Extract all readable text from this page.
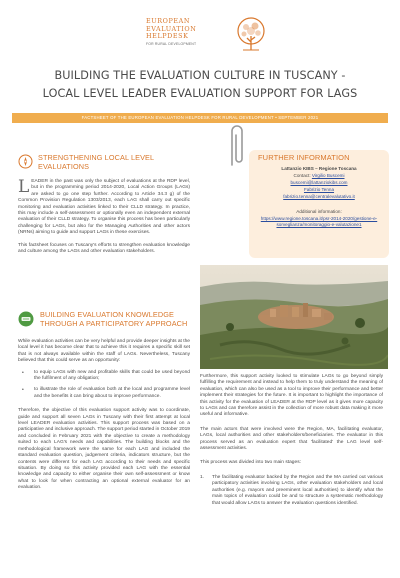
EUROPEAN
EVALUATION
HELPDESK
FOR RURAL DEVELOPMENT
BUILDING THE EVALUATION CULTURE IN TUSCANY -
LOCAL LEVEL LEADER EVALUATION SUPPORT FOR LAGS
FACTSHEET OF THE EUROPEAN EVALUATION HELPDESK FOR RURAL DEVELOPMENT • SEPTEMBER 2021
STRENGTHENING LOCAL LEVEL
EVALUATIONS
LEADER in the past was only the subject of evaluations at the RDP level, but in the programming period 2014-2020, Local Action Groups (LAGs) are asked to go one step further. According to Article 34.3 g) of the Common Provision Regulation 1303/2013, each LAG shall carry out specific monitoring and evaluation activities linked to their CLLD strategy. In practice, this may include a self-assessment or optionally even an independent external evaluation of their CLLD strategy. To organise this process has been particularly challenging for LAGs, but also for the Managing Authorities and other actors (NRNs) aiming to guide and support LAGs in these exercises.
This factsheet focuses on Tuscany's efforts to strengthen evaluation knowledge and culture among the LAGs and other evaluation stakeholders.
BUILDING EVALUATION KNOWLEDGE
THROUGH A PARTICIPATORY APPROACH
While evaluation activities can be very helpful and provide deeper insights at the local level it has become clear that to achieve this it requires a specific skill set that is not always available within the staff of LAGs. Nevertheless, Tuscany believed that this could serve as an opportunity:
• to equip LAGs with new and profitable skills that could be used beyond the fulfilment of any obligation;
• to illustrate the role of evaluation both at the local and programme level and the benefits it can bring about to improve performance.
Therefore, the objective of this evaluation support activity was to coordinate, guide and support all seven LAGs in Tuscany with their first attempt at local level LEADER evaluation activities. This support process was based on a participative and inclusive approach. The support period started in October 2019 and concluded in February 2021 with the objective to create a methodology suited to each LAG's needs and capabilities. The building blocks and the methodological framework were the same for each LAG and included the standard evaluation question, judgement criteria, indicators structure, but the contents were different for each LAG according to their needs and specific situation. By doing so this activity provided each LAG with the essential knowledge and capacity to either organise their own self-assessment or know what to look for when contracting an optional external evaluator for an evaluation.
FURTHER INFORMATION
Lattanzio KIBS – Regione Toscana
Contact: Virgilio Buscemi
buscemi@lattanziokibs.com
Fabrizio Tenna
fabrizio.tenna@centralevalutativo.it
Additional information:
https://www.regione.toscana.it/psr-2014-2020/gestione-e-
sorveglianza/monitoraggio-e-valutazione1
Furthermore, this support activity looked to stimulate LAGs to go beyond simply fulfilling the requirement and instead to help them to truly understand the meaning of evaluation, which can also be used as a tool to improve their performance and better implement their strategies for the future. It is important to highlight the importance of this activity for the evaluation of LEADER at the RDP level as it gives more capacity to LAGs and can therefore assist in the collection of more robust data making it more useful and informative.
The main actors that were involved were the Region, MA, facilitating evaluator, LAGs, local authorities and other stakeholders/beneficiaries. The evaluator in this process served as an evaluation expert that 'facilitated' the LAG level self-assessment activities.
This process was divided into two main stages:
1. The facilitating evaluator backed by the Region and the MA carried out various participatory activities involving LAGs, other evaluation stakeholders and local authorities (e.g. mayors and preeminent local authorities) to identify what the main topics of evaluation could be and to structure a systematic methodology that would allow LAGs to answer the evaluation questions identified.
